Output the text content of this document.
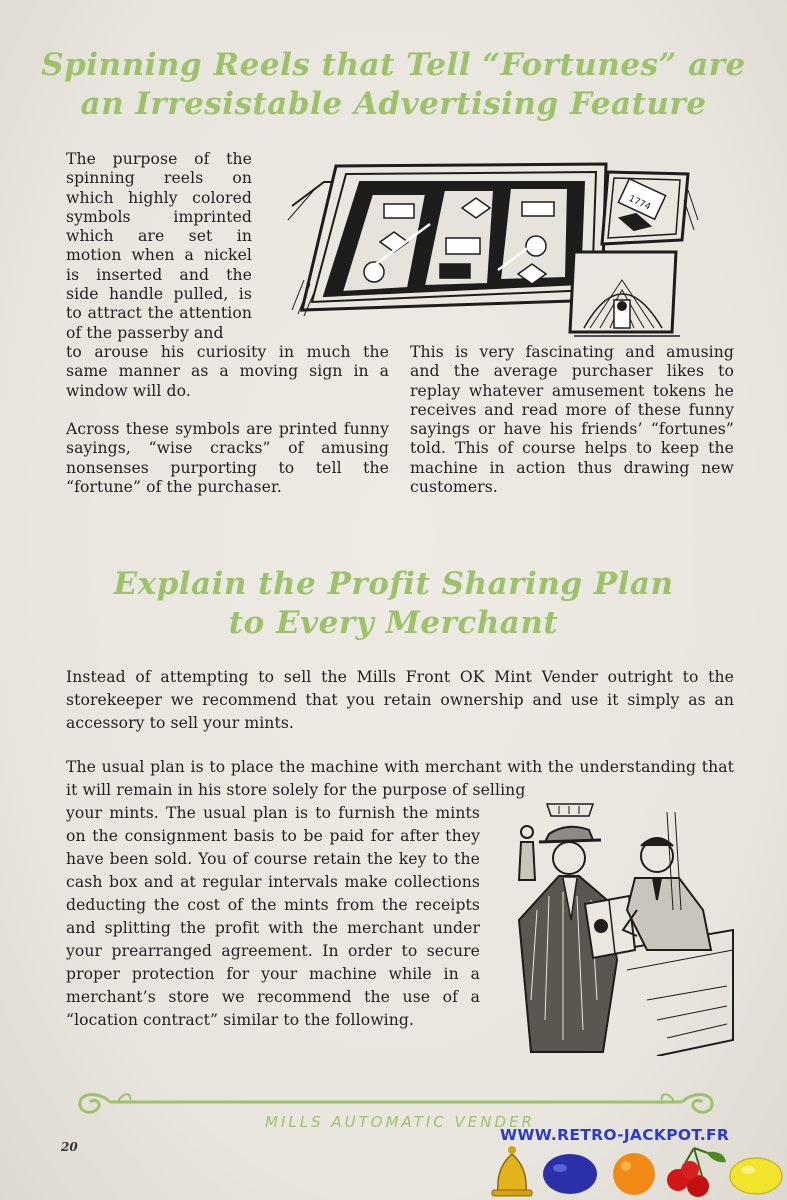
Spinning Reels that Tell “Fortunes” are
an Irresistable Advertising Feature

The purpose of the spinning reels on which highly colored symbols imprinted which are set in motion when a nickel is inserted and the side handle pulled, is to attract the attention of the passerby and

1774

to arouse his curiosity in much the same manner as a moving sign in a window will do.

Across these symbols are printed funny sayings, “wise cracks” of amusing nonsenses purporting to tell the “fortune” of the purchaser.

This is very fascinating and amusing and the average purchaser likes to replay whatever amusement tokens he receives and read more of these funny sayings or have his friends’ “fortunes” told. This of course helps to keep the machine in action thus drawing new customers.

Explain the Profit Sharing Plan
to Every Merchant

Instead of attempting to sell the Mills Front OK Mint Vender outright to the storekeeper we recommend that you retain ownership and use it simply as an accessory to sell your mints.

The usual plan is to place the machine with merchant with the understanding that it will remain in his store solely for the purpose of selling

your mints. The usual plan is to furnish the mints on the consignment basis to be paid for after they have been sold. You of course retain the key to the cash box and at regular intervals make collections deducting the cost of the mints from the receipts and splitting the profit with the merchant under your prearranged agreement. In order to secure proper protection for your machine while in a merchant’s store we recommend the use of a “location contract” similar to the following.

MILLS AUTOMATIC VENDER
20
WWW.RETRO-JACKPOT.FR
